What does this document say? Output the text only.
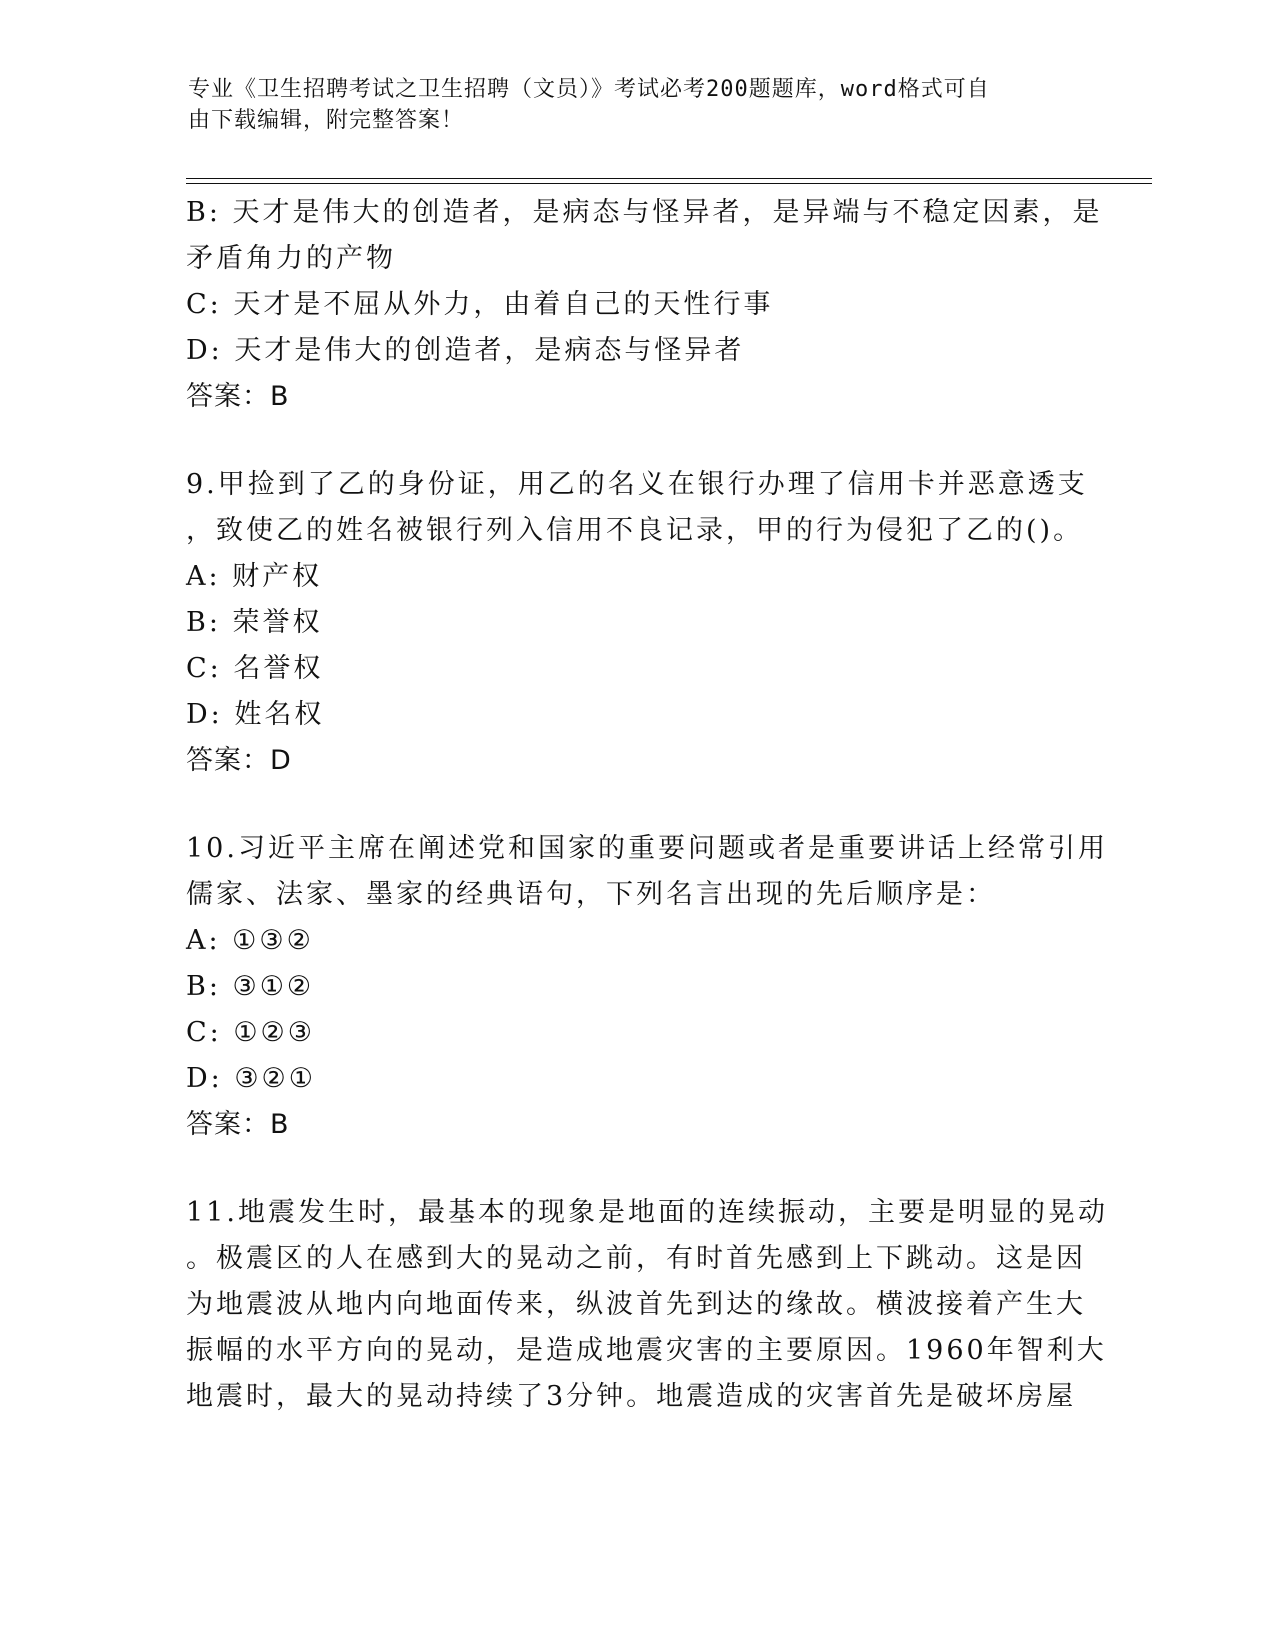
专业《卫生招聘考试之卫生招聘（文员）》考试必考200题题库，word格式可自
由下载编辑，附完整答案！
B: 天才是伟大的创造者，是病态与怪异者，是异端与不稳定因素，是
矛盾角力的产物
C: 天才是不屈从外力，由着自己的天性行事
D: 天才是伟大的创造者，是病态与怪异者
答案：B
9.甲捡到了乙的身份证，用乙的名义在银行办理了信用卡并恶意透支
，致使乙的姓名被银行列入信用不良记录，甲的行为侵犯了乙的()。
A: 财产权
B: 荣誉权
C: 名誉权
D: 姓名权
答案：D
10.习近平主席在阐述党和国家的重要问题或者是重要讲话上经常引用
儒家、法家、墨家的经典语句，下列名言出现的先后顺序是：
A: ①③②
B: ③①②
C: ①②③
D: ③②①
答案：B
11.地震发生时，最基本的现象是地面的连续振动，主要是明显的晃动
。极震区的人在感到大的晃动之前，有时首先感到上下跳动。这是因
为地震波从地内向地面传来，纵波首先到达的缘故。横波接着产生大
振幅的水平方向的晃动，是造成地震灾害的主要原因。1960年智利大
地震时，最大的晃动持续了3分钟。地震造成的灾害首先是破坏房屋
